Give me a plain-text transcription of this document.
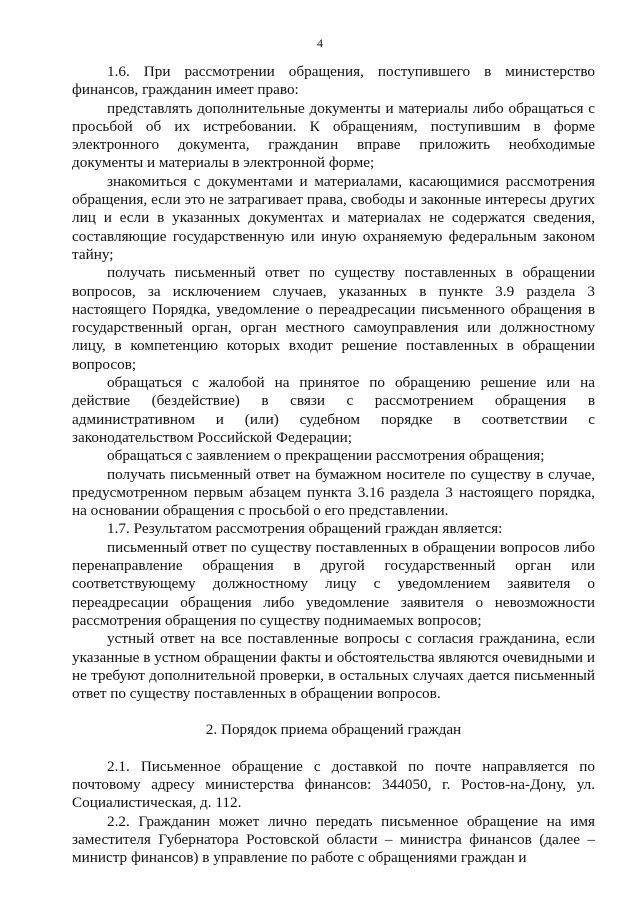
4

1.6. При рассмотрении обращения, поступившего в министерство финансов, гражданин имеет право:

представлять дополнительные документы и материалы либо обращаться с просьбой об их истребовании. К обращениям, поступившим в форме электронного документа, гражданин вправе приложить необходимые документы и материалы в электронной форме;

знакомиться с документами и материалами, касающимися рассмотрения обращения, если это не затрагивает права, свободы и законные интересы других лиц и если в указанных документах и материалах не содержатся сведения, составляющие государственную или иную охраняемую федеральным законом тайну;

получать письменный ответ по существу поставленных в обращении вопросов, за исключением случаев, указанных в пункте 3.9 раздела 3 настоящего Порядка, уведомление о переадресации письменного обращения в государственный орган, орган местного самоуправления или должностному лицу, в компетенцию которых входит решение поставленных в обращении вопросов;

обращаться с жалобой на принятое по обращению решение или на действие (бездействие) в связи с рассмотрением обращения в административном и (или) судебном порядке в соответствии с законодательством Российской Федерации;

обращаться с заявлением о прекращении рассмотрения обращения;

получать письменный ответ на бумажном носителе по существу в случае, предусмотренном первым абзацем пункта 3.16 раздела 3 настоящего порядка, на основании обращения с просьбой о его представлении.

1.7. Результатом рассмотрения обращений граждан является:

письменный ответ по существу поставленных в обращении вопросов либо перенаправление обращения в другой государственный орган или соответствующему должностному лицу с уведомлением заявителя о переадресации обращения либо уведомление заявителя о невозможности рассмотрения обращения по существу поднимаемых вопросов;

устный ответ на все поставленные вопросы с согласия гражданина, если указанные в устном обращении факты и обстоятельства являются очевидными и не требуют дополнительной проверки, в остальных случаях дается письменный ответ по существу поставленных в обращении вопросов.

2. Порядок приема обращений граждан

2.1. Письменное обращение с доставкой по почте направляется по почтовому адресу министерства финансов: 344050, г. Ростов-на-Дону, ул. Социалистическая, д. 112.

2.2. Гражданин может лично передать письменное обращение на имя заместителя Губернатора Ростовской области – министра финансов (далее – министр финансов) в управление по работе с обращениями граждан и
